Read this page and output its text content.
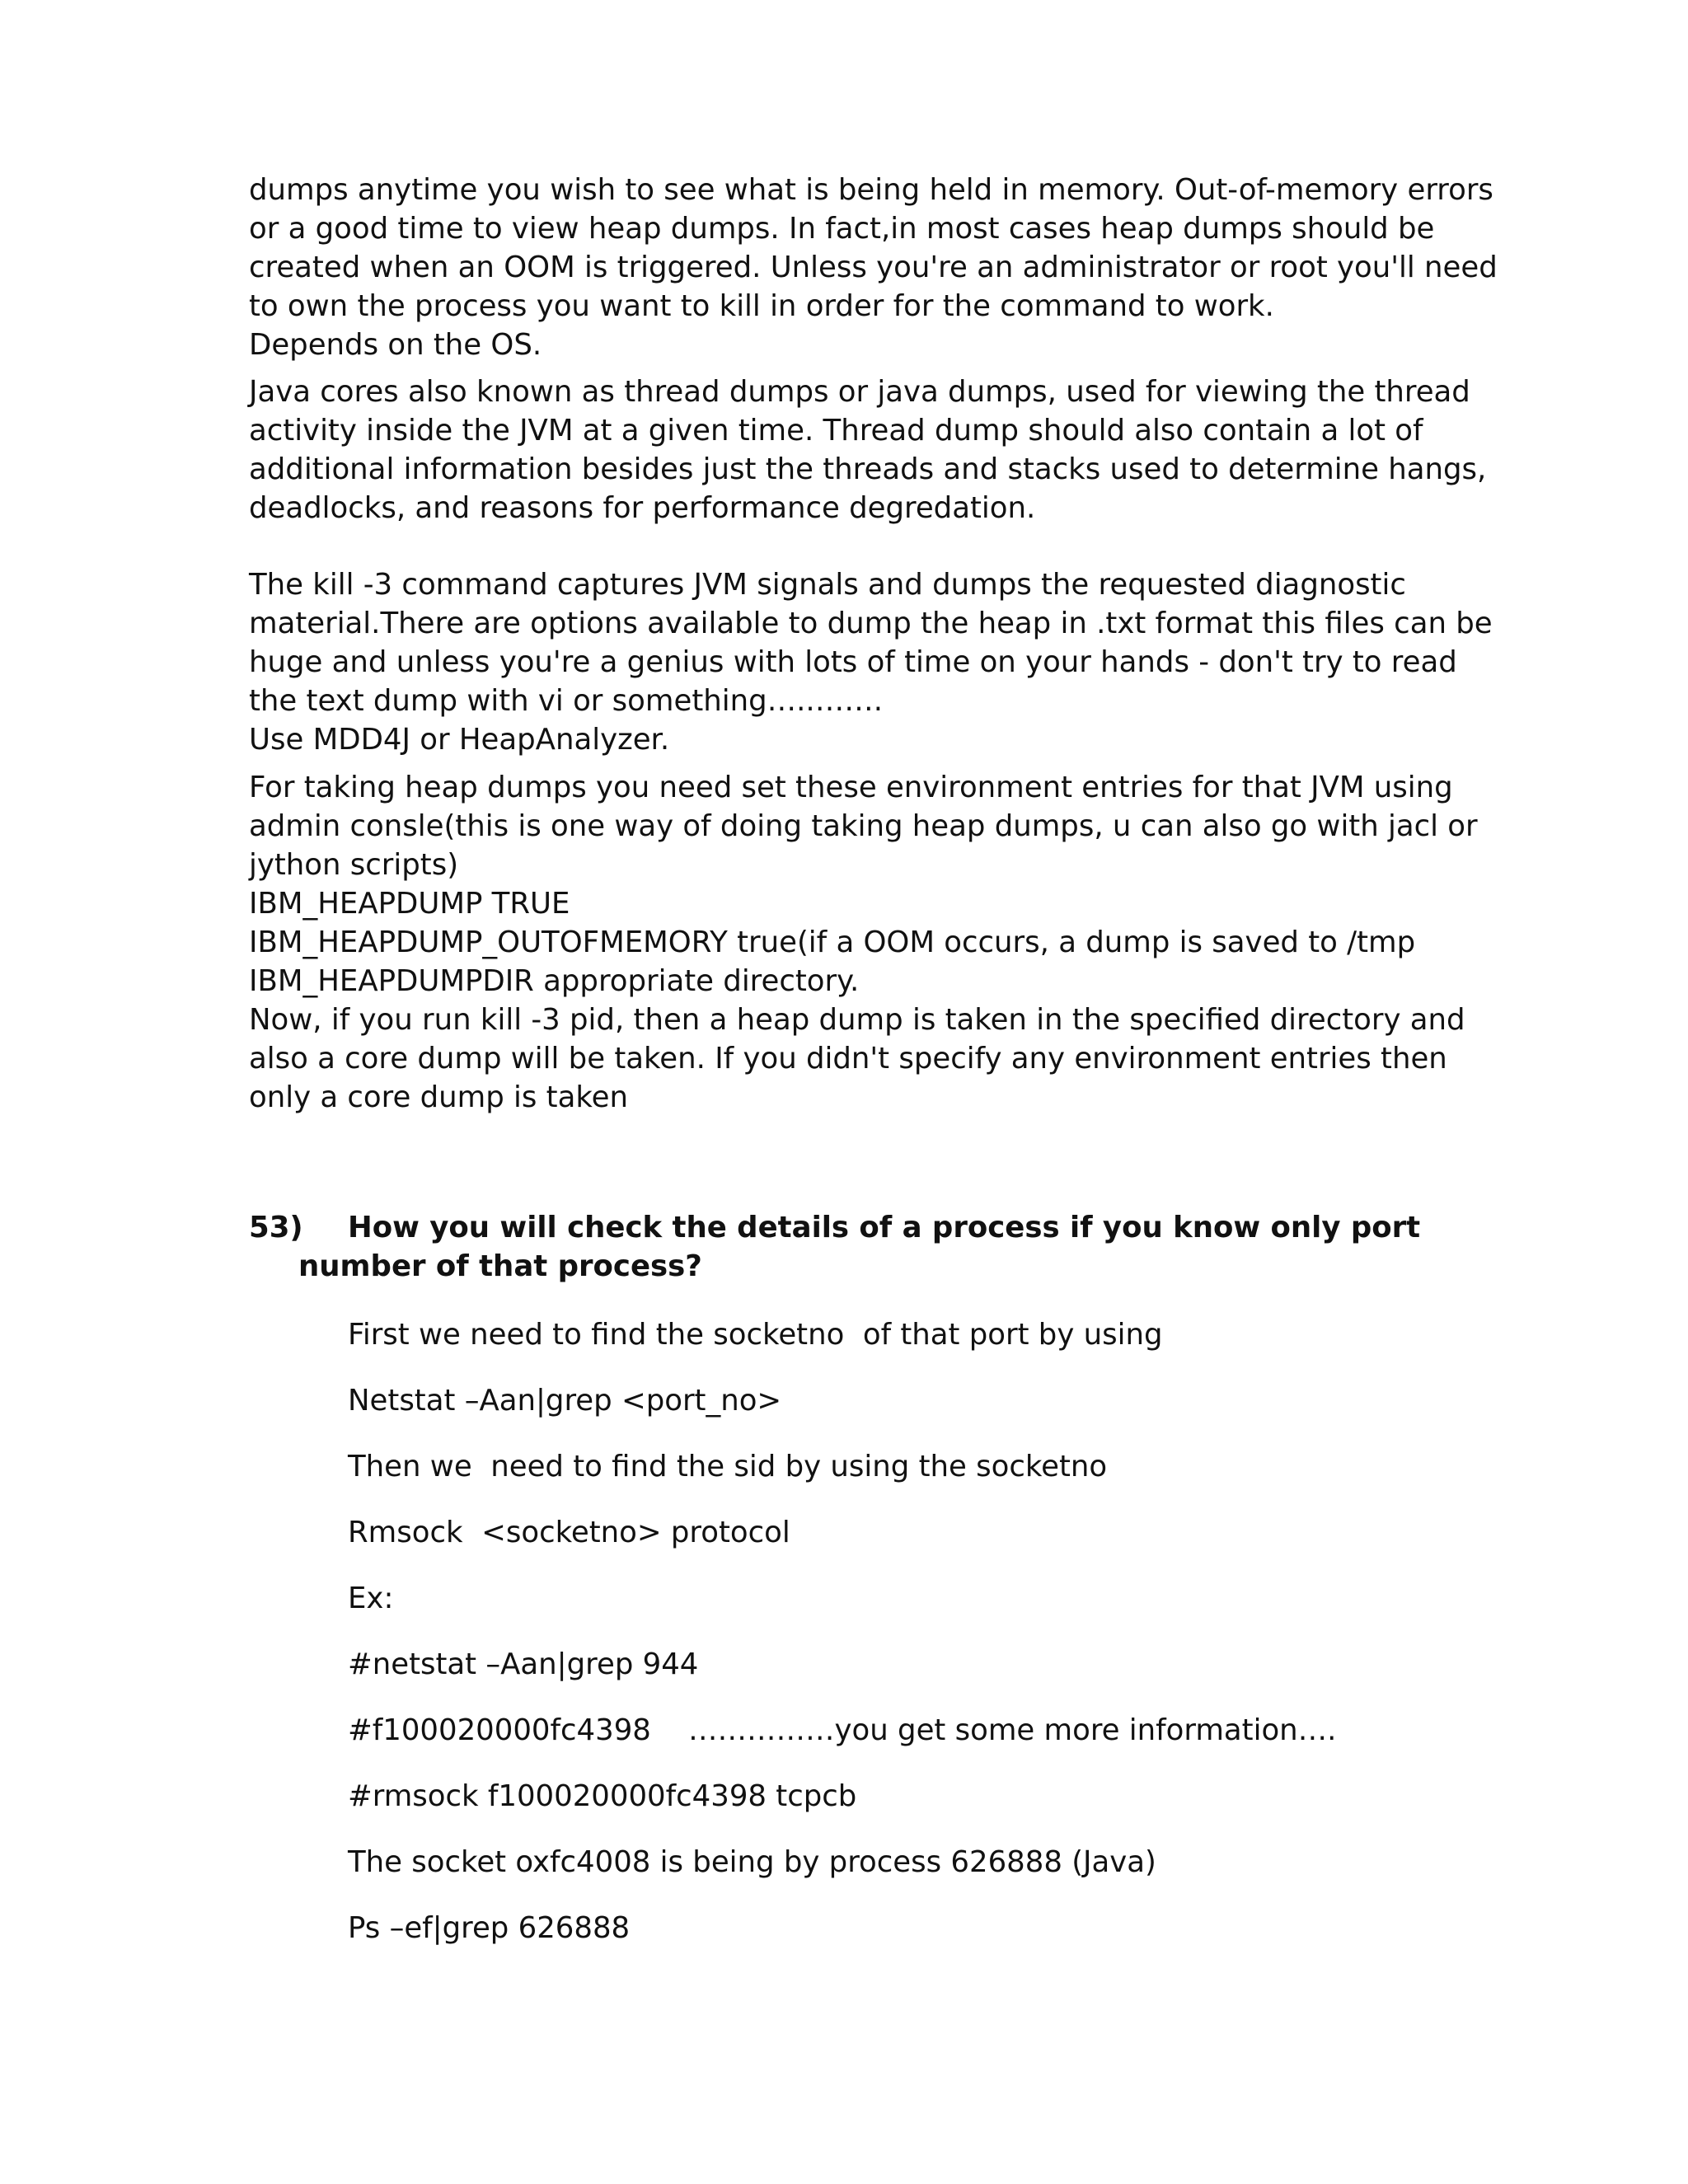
dumps anytime you wish to see what is being held in memory. Out-of-memory errors
or a good time to view heap dumps. In fact,in most cases heap dumps should be
created when an OOM is triggered. Unless you're an administrator or root you'll need
to own the process you want to kill in order for the command to work.
Depends on the OS.

Java cores also known as thread dumps or java dumps, used for viewing the thread
activity inside the JVM at a given time. Thread dump should also contain a lot of
additional information besides just the threads and stacks used to determine hangs,
deadlocks, and reasons for performance degredation.

The kill -3 command captures JVM signals and dumps the requested diagnostic
material.There are options available to dump the heap in .txt format this files can be
huge and unless you're a genius with lots of time on your hands - don't try to read
the text dump with vi or something…..…….
Use MDD4J or HeapAnalyzer.

For taking heap dumps you need set these environment entries for that JVM using
admin consle(this is one way of doing taking heap dumps, u can also go with jacl or
jython scripts)
IBM_HEAPDUMP TRUE
IBM_HEAPDUMP_OUTOFMEMORY true(if a OOM occurs, a dump is saved to /tmp
IBM_HEAPDUMPDIR appropriate directory.
Now, if you run kill -3 pid, then a heap dump is taken in the specified directory and
also a core dump will be taken. If you didn't specify any environment entries then
only a core dump is taken

53) How you will check the details of a process if you know only port
number of that process?
First we need to find the socketno  of that port by using
Netstat –Aan|grep <port_no>
Then we  need to find the sid by using the socketno
Rmsock  <socketno> protocol
Ex:
#netstat –Aan|grep 944
#f100020000fc4398    ……………you get some more information….
#rmsock f100020000fc4398 tcpcb
The socket oxfc4008 is being by process 626888 (Java)
Ps –ef|grep 626888
